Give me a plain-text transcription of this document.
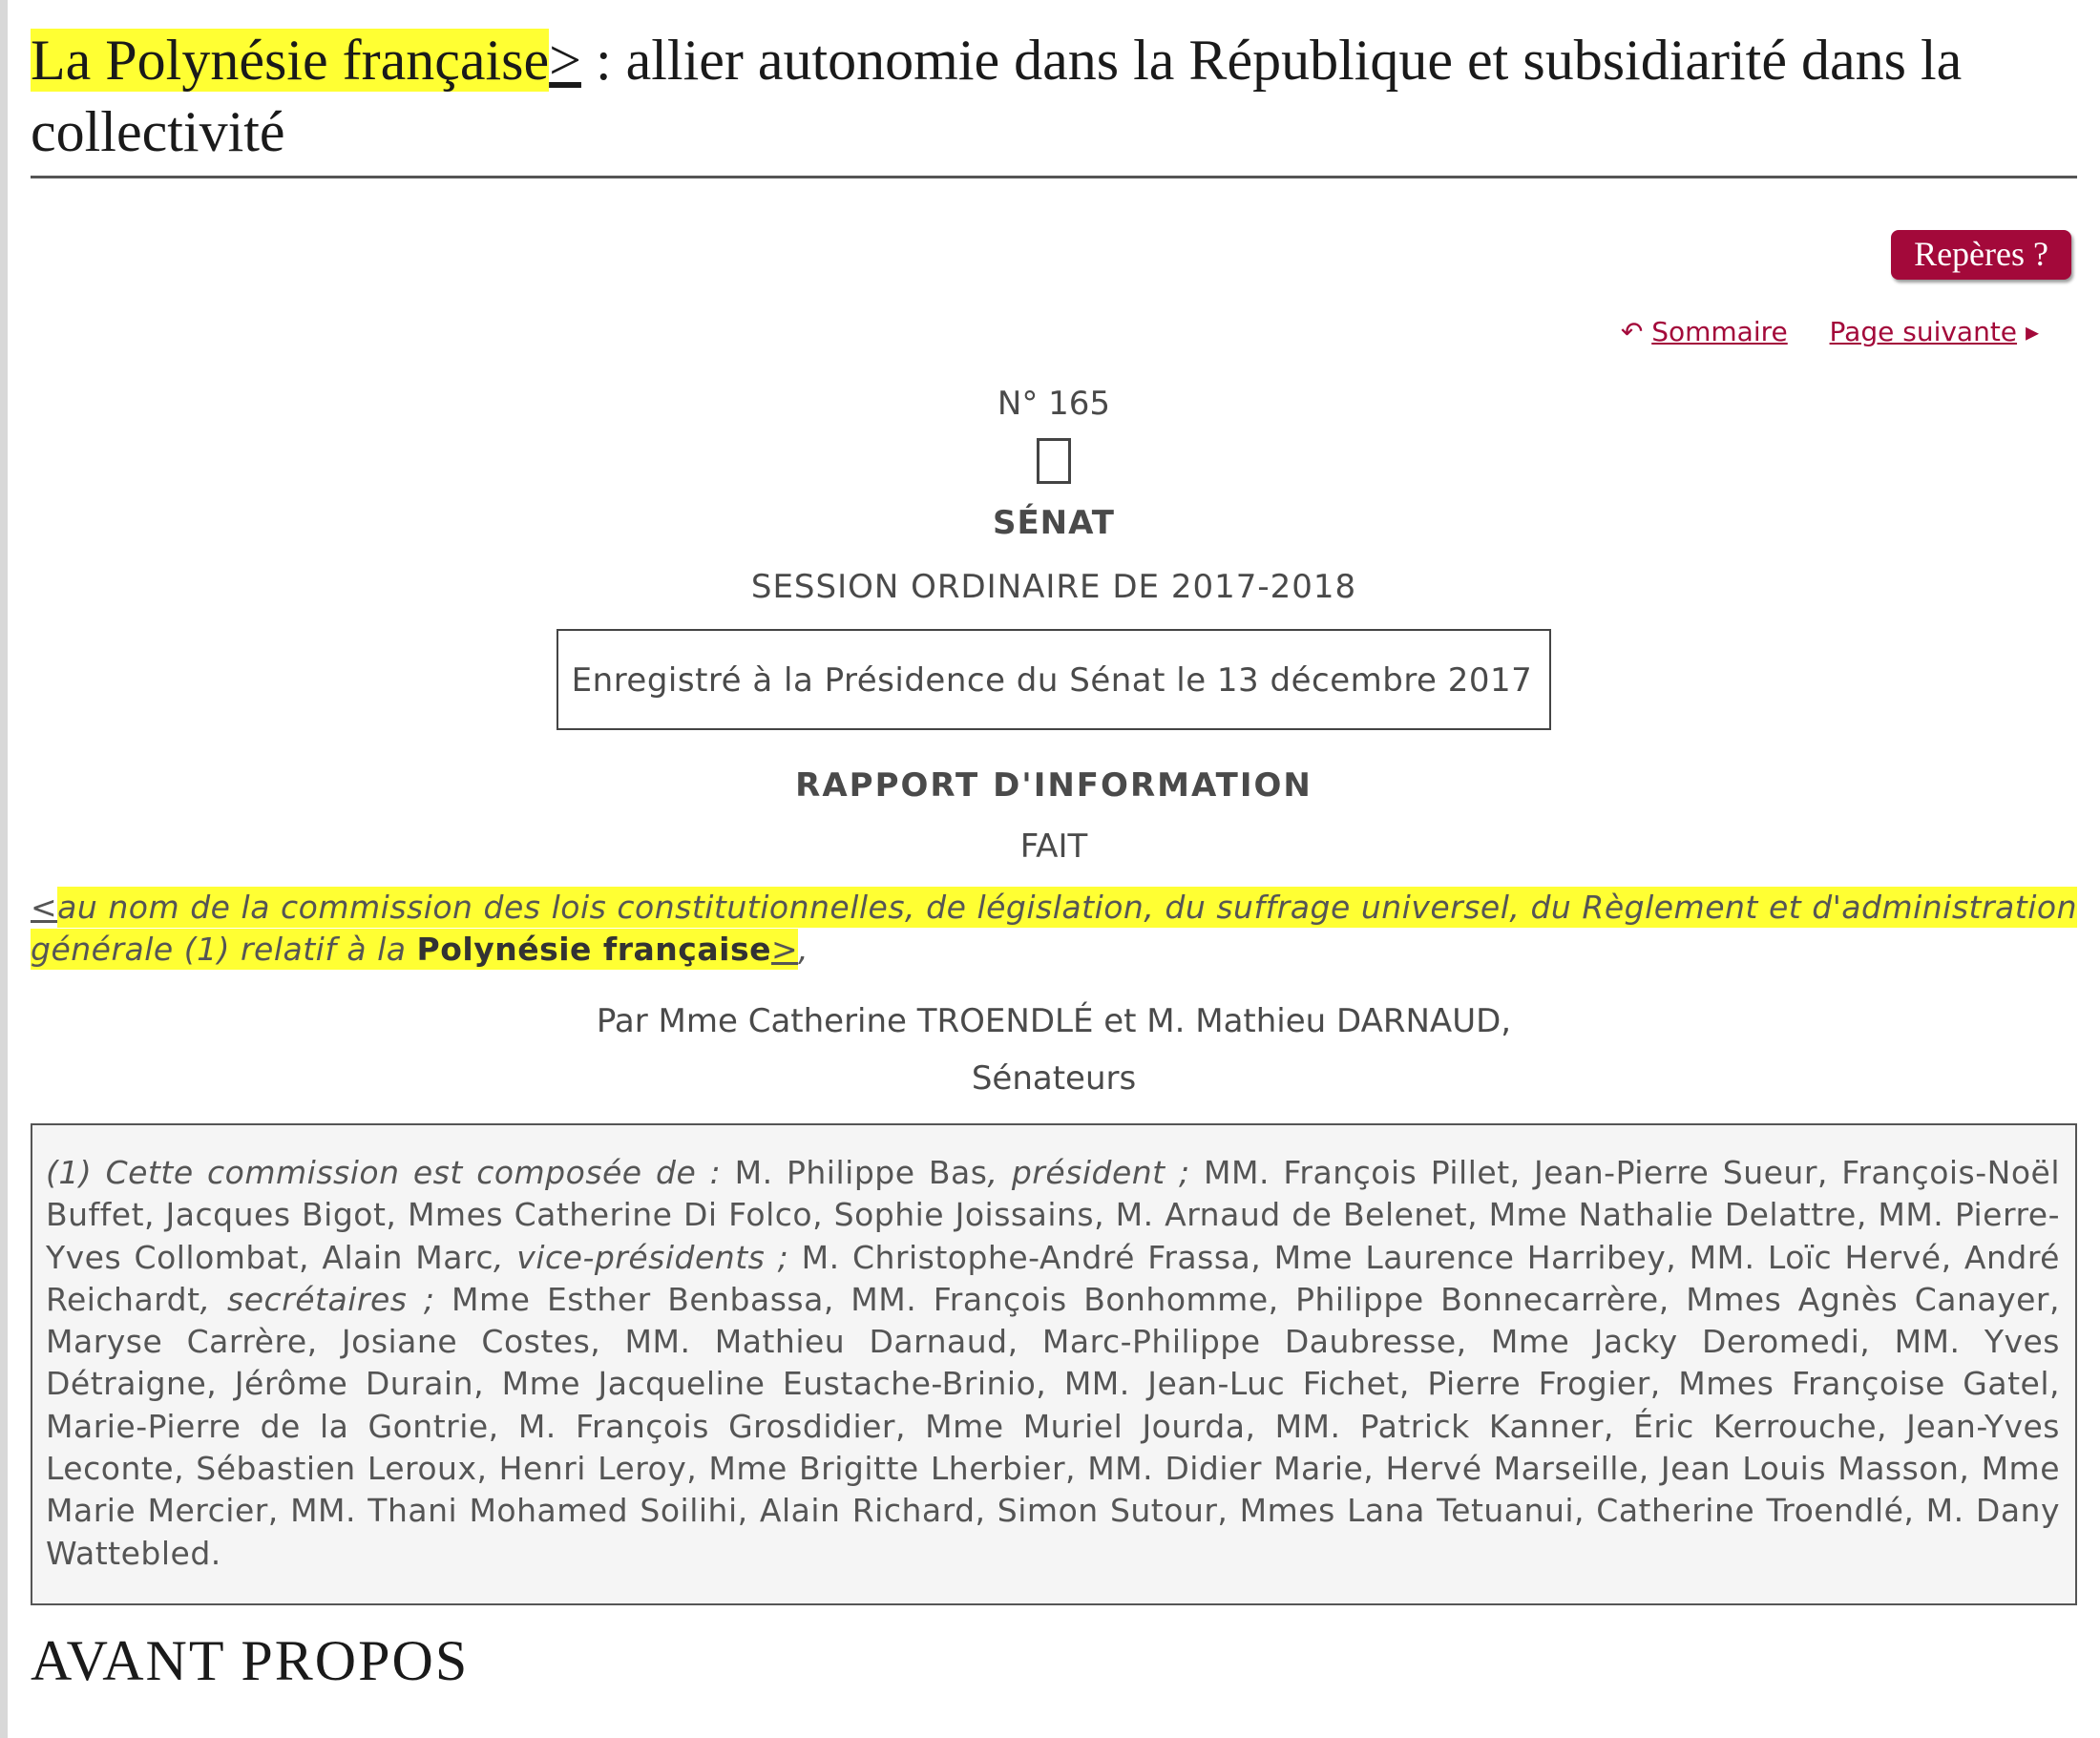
La Polynésie française> : allier autonomie dans la République et subsidiarité dans la collectivité
Repères ?
↶ Sommaire Page suivante ▸
N° 165
SÉNAT
SESSION ORDINAIRE DE 2017-2018
Enregistré à la Présidence du Sénat le 13 décembre 2017
RAPPORT D'INFORMATION
FAIT
<au nom de la commission des lois constitutionnelles, de législation, du suffrage universel, du Règlement et d'administration générale (1) relatif à la Polynésie française>,
Par Mme Catherine TROENDLÉ et M. Mathieu DARNAUD,
Sénateurs
(1) Cette commission est composée de : M. Philippe Bas, président ; MM. François Pillet, Jean-Pierre Sueur, François-Noël Buffet, Jacques Bigot, Mmes Catherine Di Folco, Sophie Joissains, M. Arnaud de Belenet, Mme Nathalie Delattre, MM. Pierre-Yves Collombat, Alain Marc, vice-présidents ; M. Christophe-André Frassa, Mme Laurence Harribey, MM. Loïc Hervé, André Reichardt, secrétaires ; Mme Esther Benbassa, MM. François Bonhomme, Philippe Bonnecarrère, Mmes Agnès Canayer, Maryse Carrère, Josiane Costes, MM. Mathieu Darnaud, Marc-Philippe Daubresse, Mme Jacky Deromedi, MM. Yves Détraigne, Jérôme Durain, Mme Jacqueline Eustache-Brinio, MM. Jean-Luc Fichet, Pierre Frogier, Mmes Françoise Gatel, Marie-Pierre de la Gontrie, M. François Grosdidier, Mme Muriel Jourda, MM. Patrick Kanner, Éric Kerrouche, Jean-Yves Leconte, Sébastien Leroux, Henri Leroy, Mme Brigitte Lherbier, MM. Didier Marie, Hervé Marseille, Jean Louis Masson, Mme Marie Mercier, MM. Thani Mohamed Soilihi, Alain Richard, Simon Sutour, Mmes Lana Tetuanui, Catherine Troendlé, M. Dany Wattebled.
AVANT PROPOS
